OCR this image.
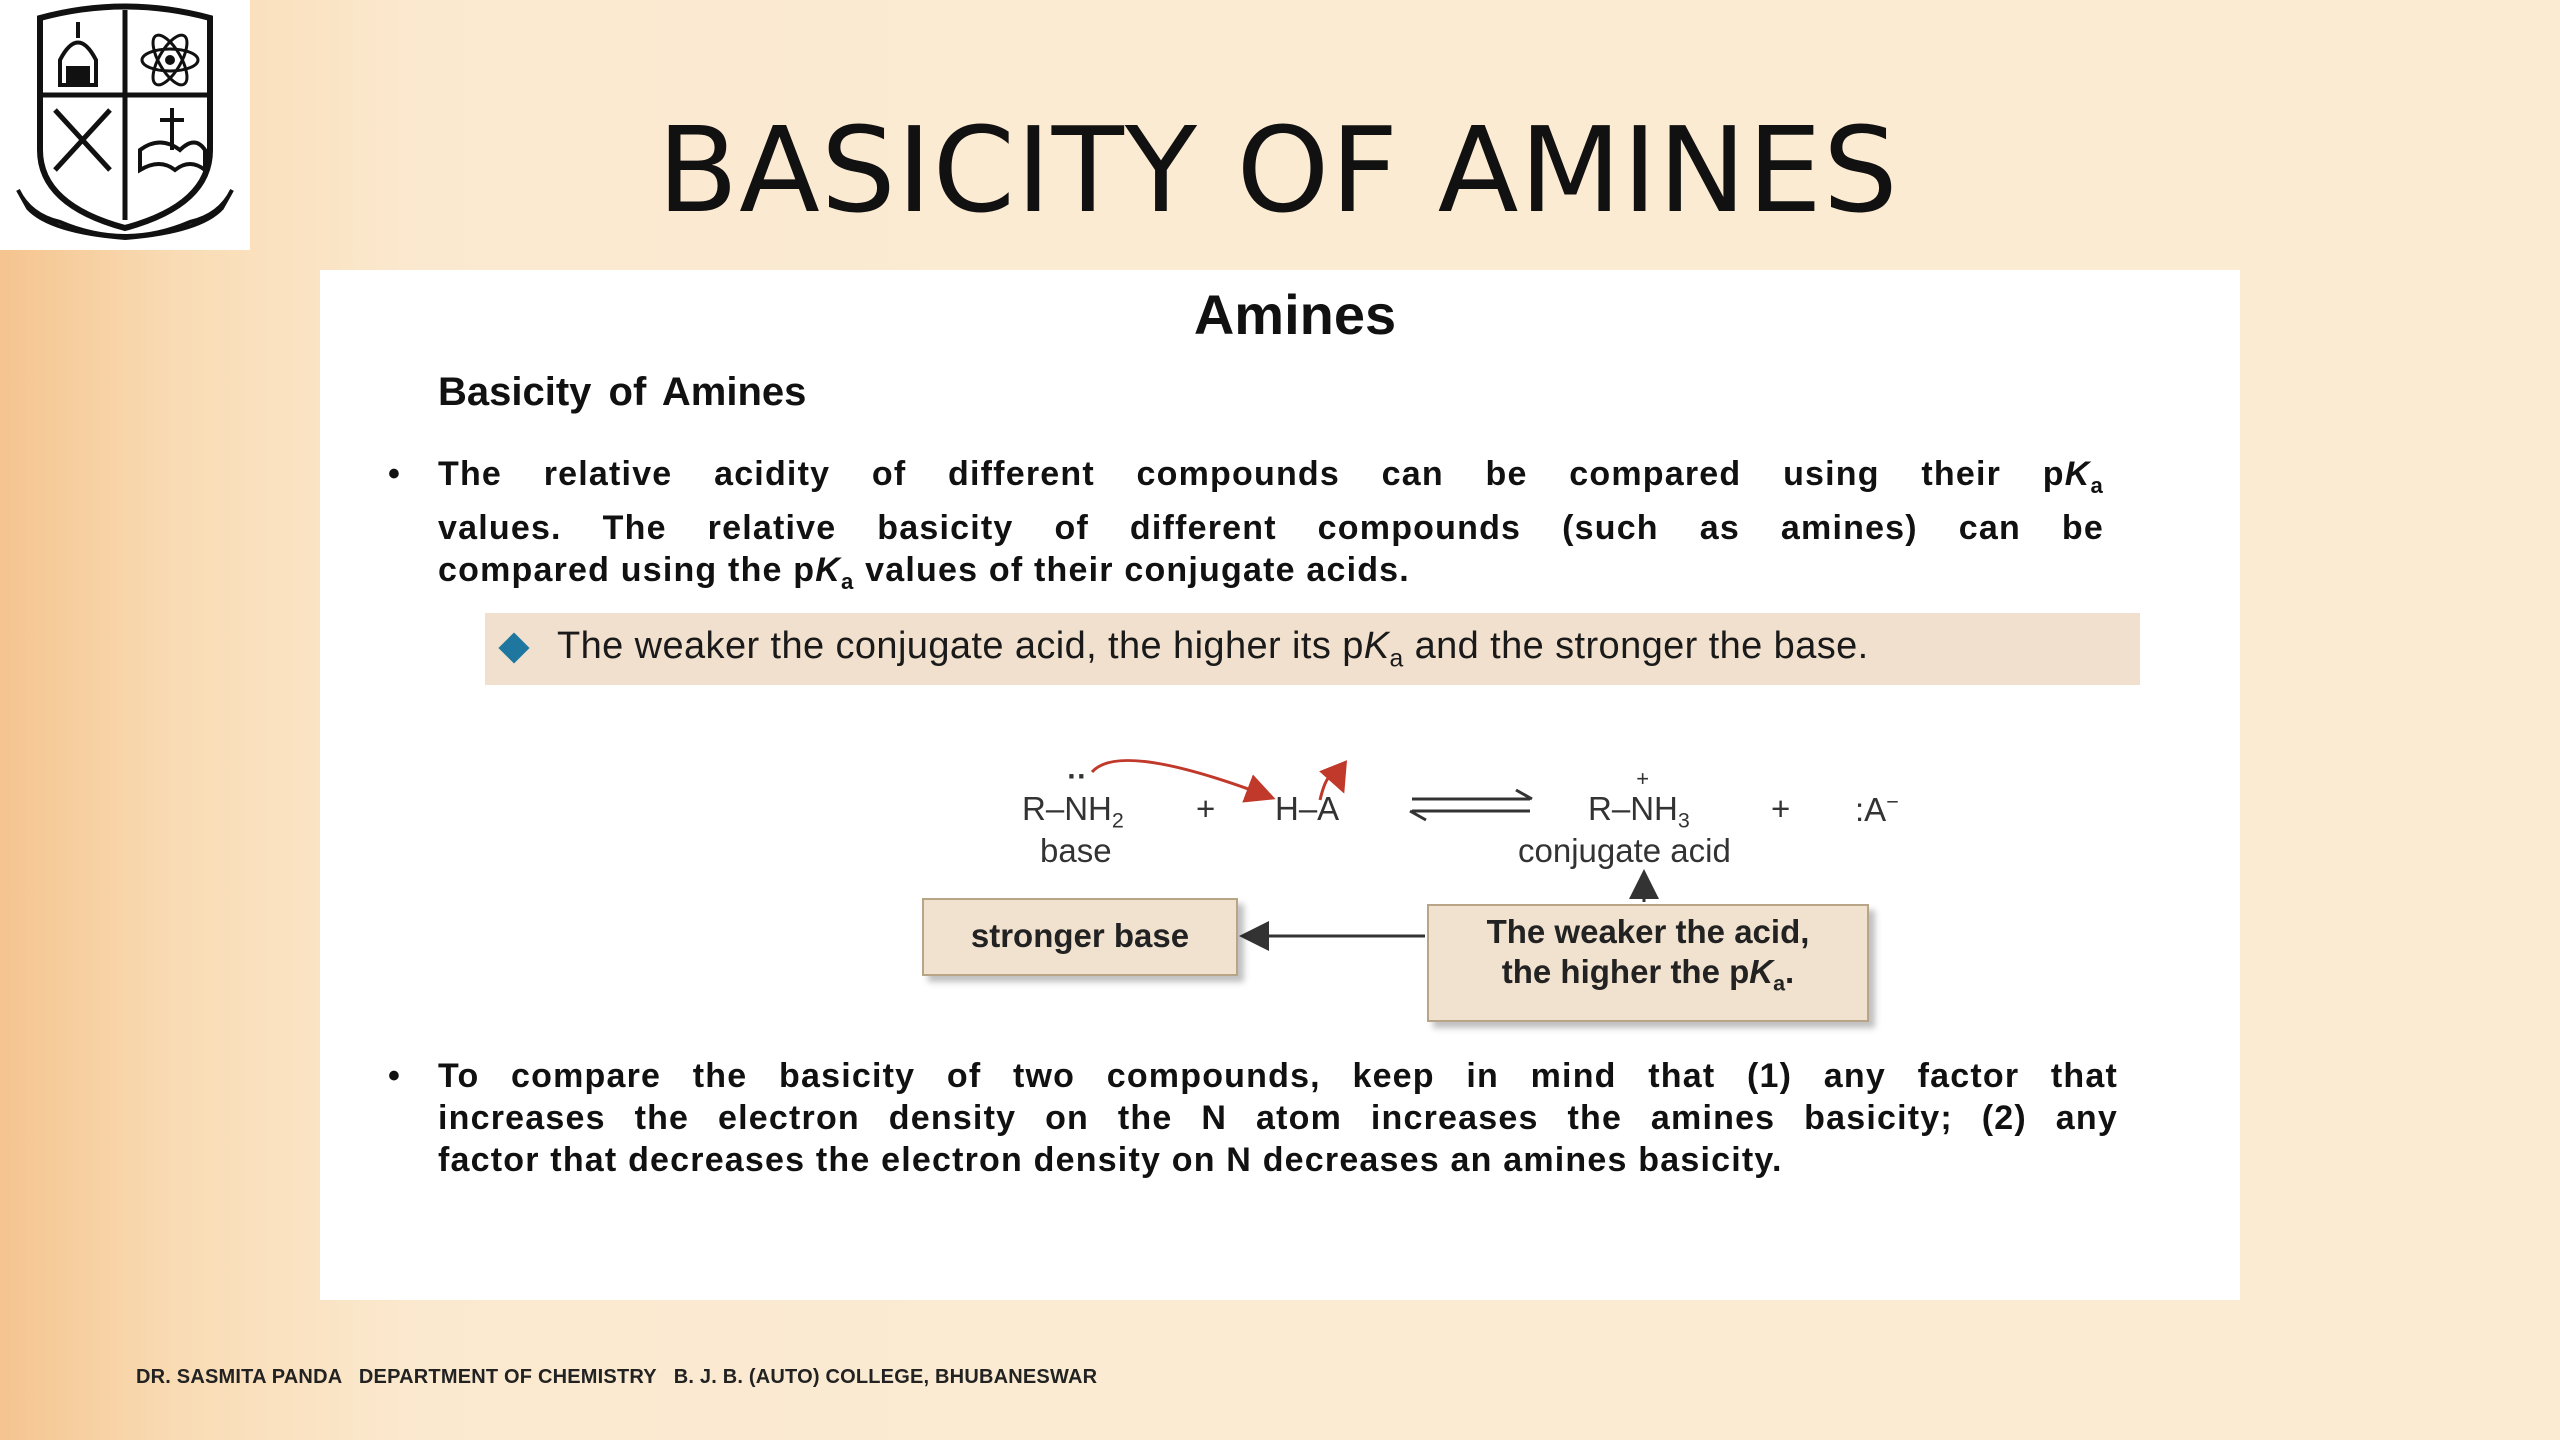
BASICITY OF AMINES
Amines
Basicity of Amines
• The relative acidity of different compounds can be compared using their $pK_a$
values. The relative basicity of different compounds (such as amines) can be
compared using the $pK_a$ values of their conjugate acids.
The weaker the conjugate acid, the higher its $pK_a$ and the stronger the base.
R–N
··
$H_2 + H-A$	R–N
+
$H_3$ + :A−
base	conjugate acid
stronger base	The weaker the acid,
the higher the $pK_a$.
• To compare the basicity of two compounds, keep in mind that (1) any factor that
increases the electron density on the N atom increases the amines basicity; (2) any
factor that decreases the electron density on N decreases an amines basicity.
DR. SASMITA PANDA   DEPARTMENT OF CHEMISTRY   B. J. B. (AUTO) COLLEGE, BHUBANESWAR
